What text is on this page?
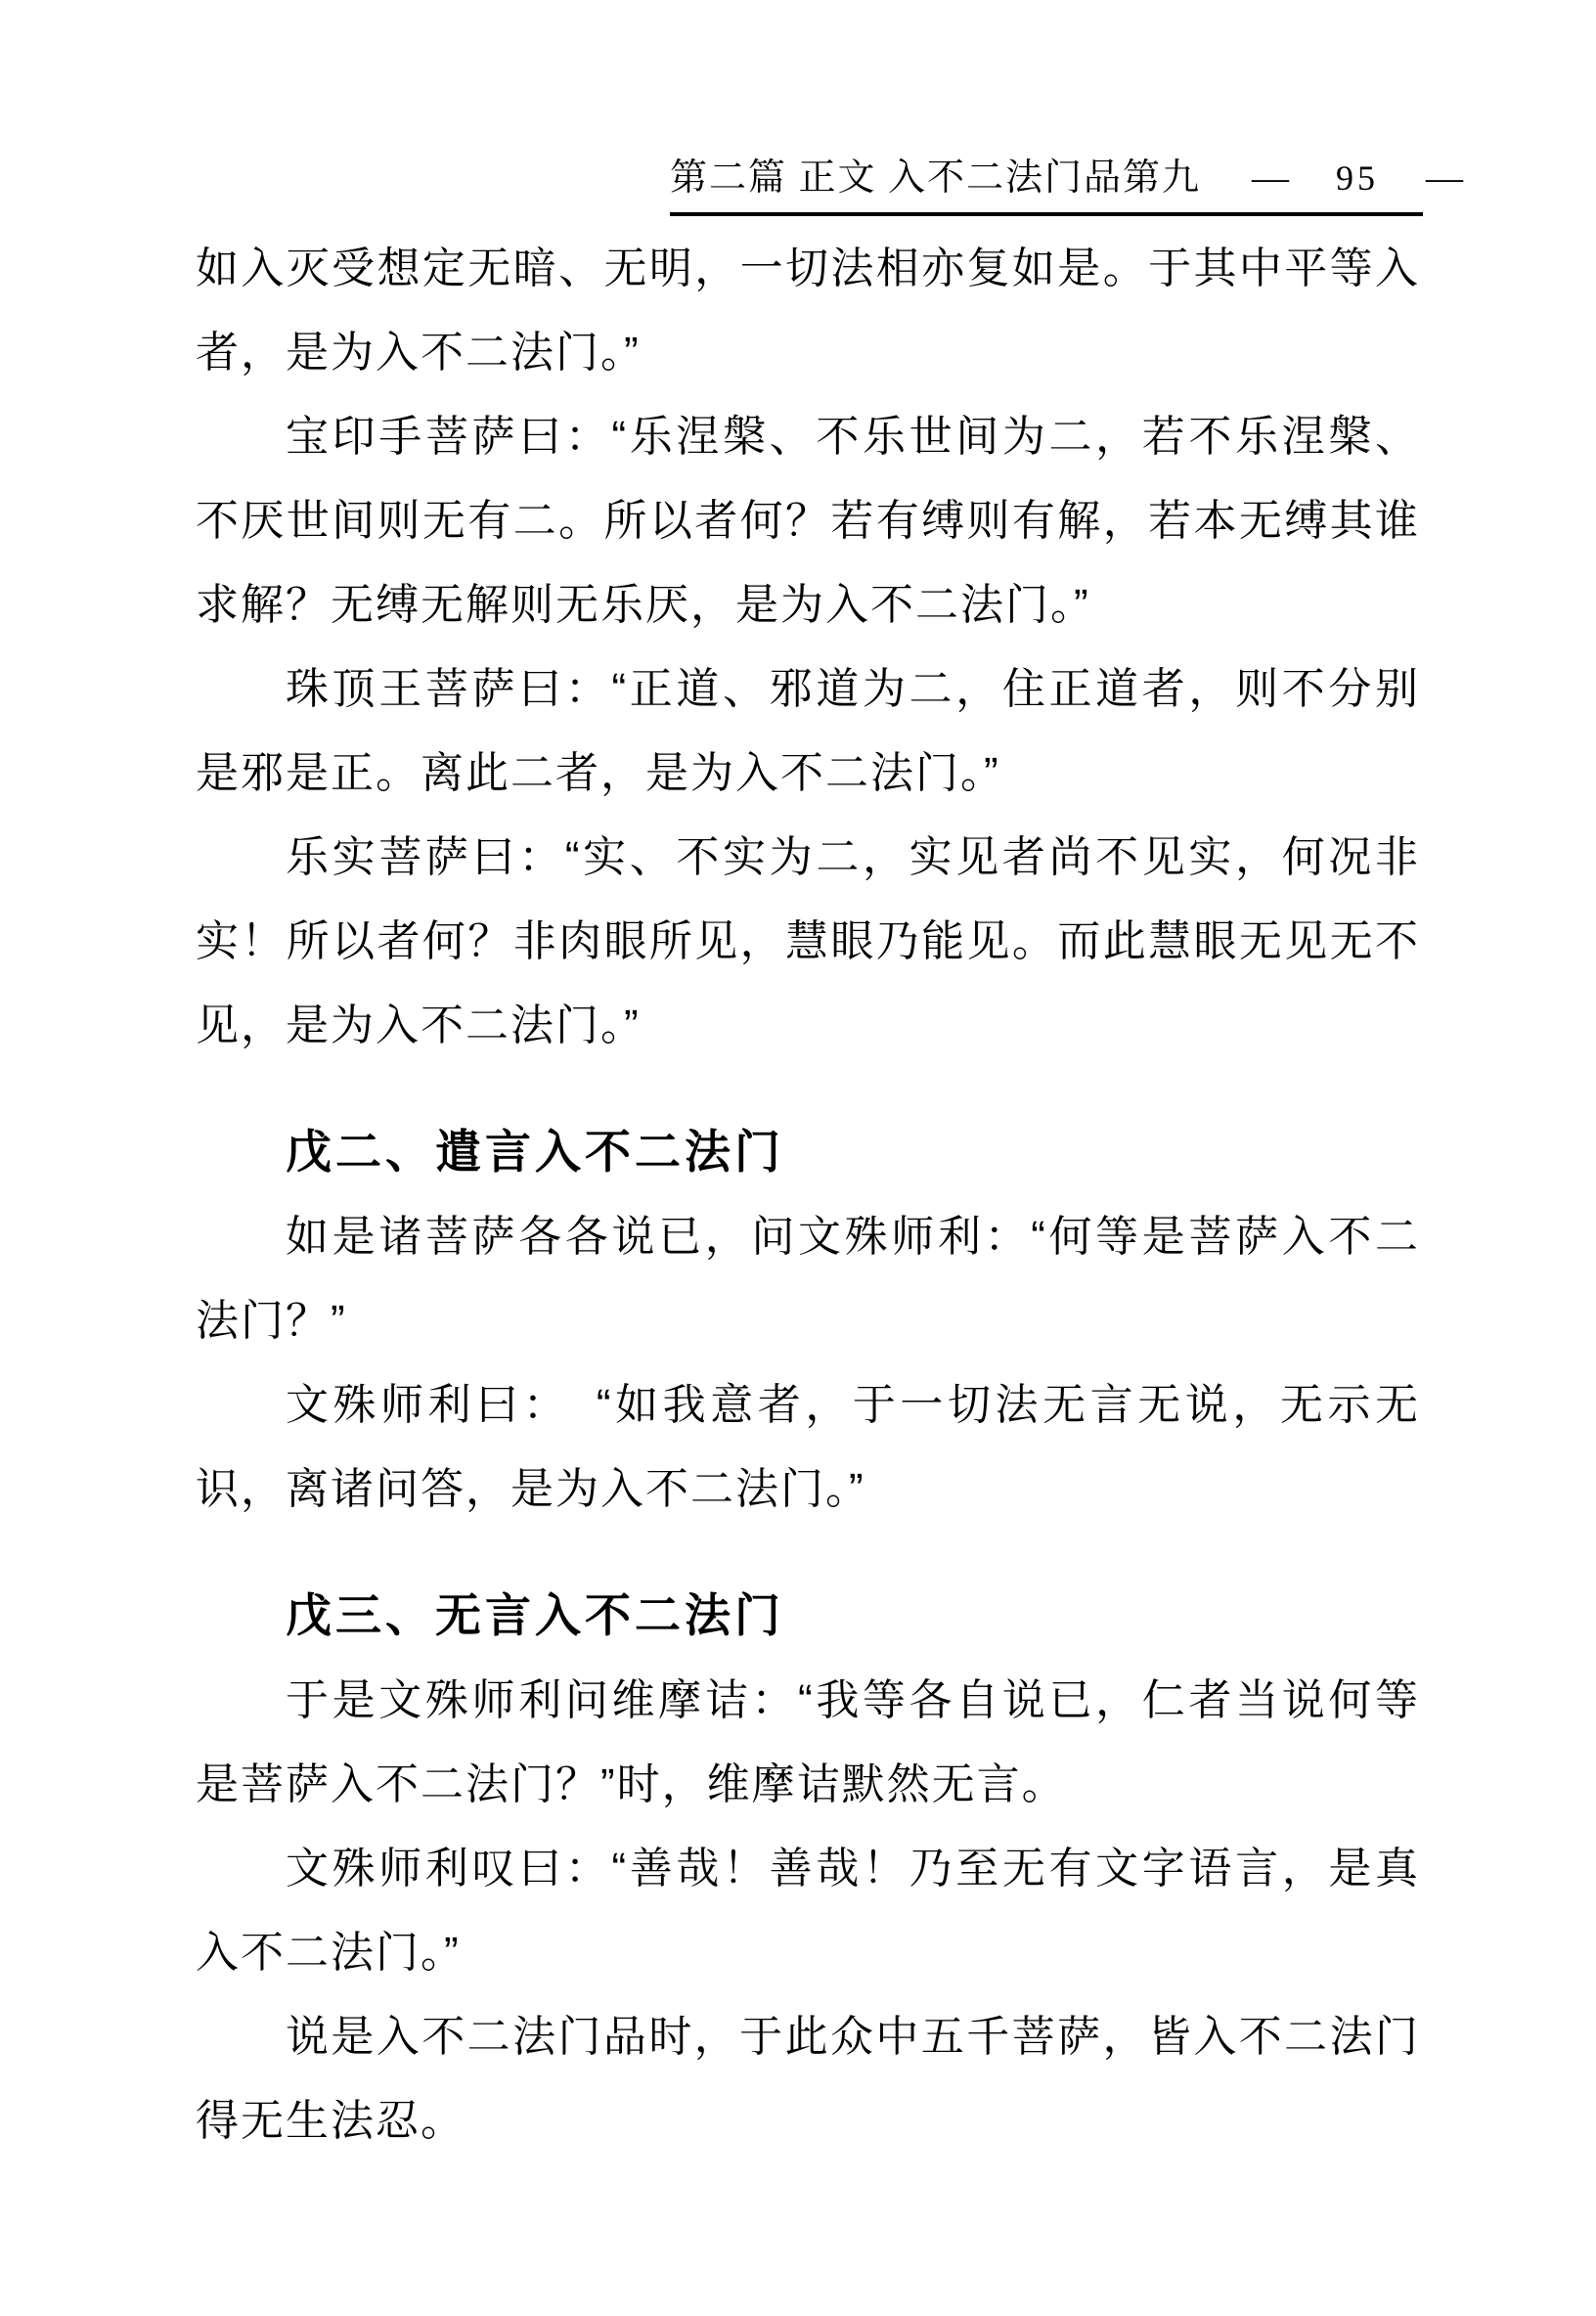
第二篇 正文 入不二法门品第九 — 95 —

如入灭受想定无暗、无明，一切法相亦复如是。于其中平等入者，是为入不二法门。”

宝印手菩萨曰：“乐涅槃、不乐世间为二，若不乐涅槃、不厌世间则无有二。所以者何？若有缚则有解，若本无缚其谁求解？无缚无解则无乐厌，是为入不二法门。”

珠顶王菩萨曰：“正道、邪道为二，住正道者，则不分别是邪是正。离此二者，是为入不二法门。”

乐实菩萨曰：“实、不实为二，实见者尚不见实，何况非实！所以者何？非肉眼所见，慧眼乃能见。而此慧眼无见无不见，是为入不二法门。”

戊二、遣言入不二法门

如是诸菩萨各各说已，问文殊师利：“何等是菩萨入不二法门？”

文殊师利曰：　“如我意者，于一切法无言无说，无示无识，离诸问答，是为入不二法门。”

戊三、无言入不二法门

于是文殊师利问维摩诘：“我等各自说已，仁者当说何等是菩萨入不二法门？”时，维摩诘默然无言。

文殊师利叹曰：“善哉！善哉！乃至无有文字语言，是真入不二法门。”

说是入不二法门品时，于此众中五千菩萨，皆入不二法门得无生法忍。
